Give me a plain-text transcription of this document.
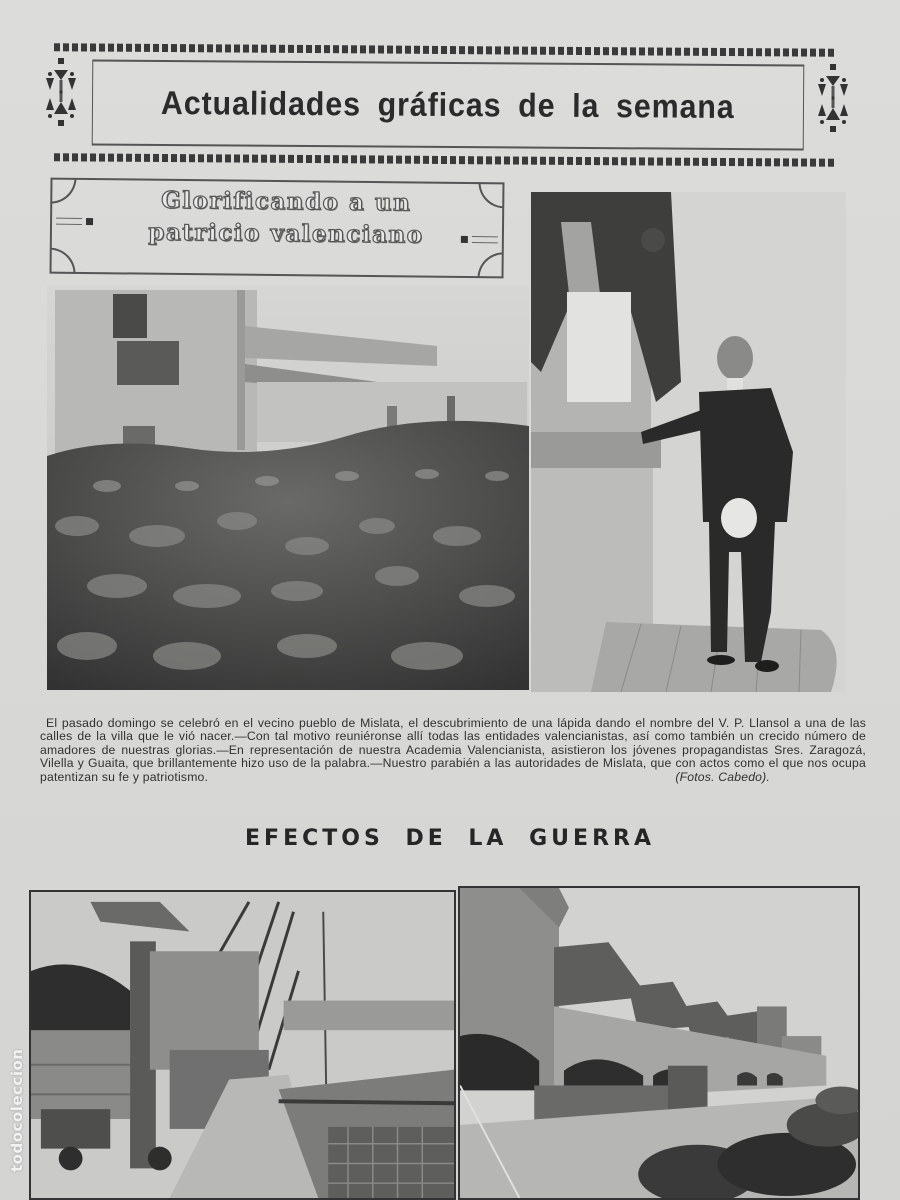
Actualidades gráficas de la semana
Glorificando a un
patricio valenciano
El pasado domingo se celebró en el vecino pueblo de Mislata, el descubrimiento de una lápida dando el nombre del V. P. Llansol a una de las calles de la villa que le vió nacer.—Con tal motivo reuniéronse allí todas las entidades valencianistas, así como también un crecido número de amadores de nuestras glorias.—En representación de nuestra Academia Valencianista, asistieron los jóvenes propagandistas Sres. Zaragozá, Vilella y Guaita, que brillantemente hizo uso de la palabra.—Nuestro parabién a las autoridades de Mislata, que con actos como el que nos ocupa patentizan su fe y patriotismo.	(Fotos. Cabedo).
EFECTOS DE LA GUERRA
todocoleccion
